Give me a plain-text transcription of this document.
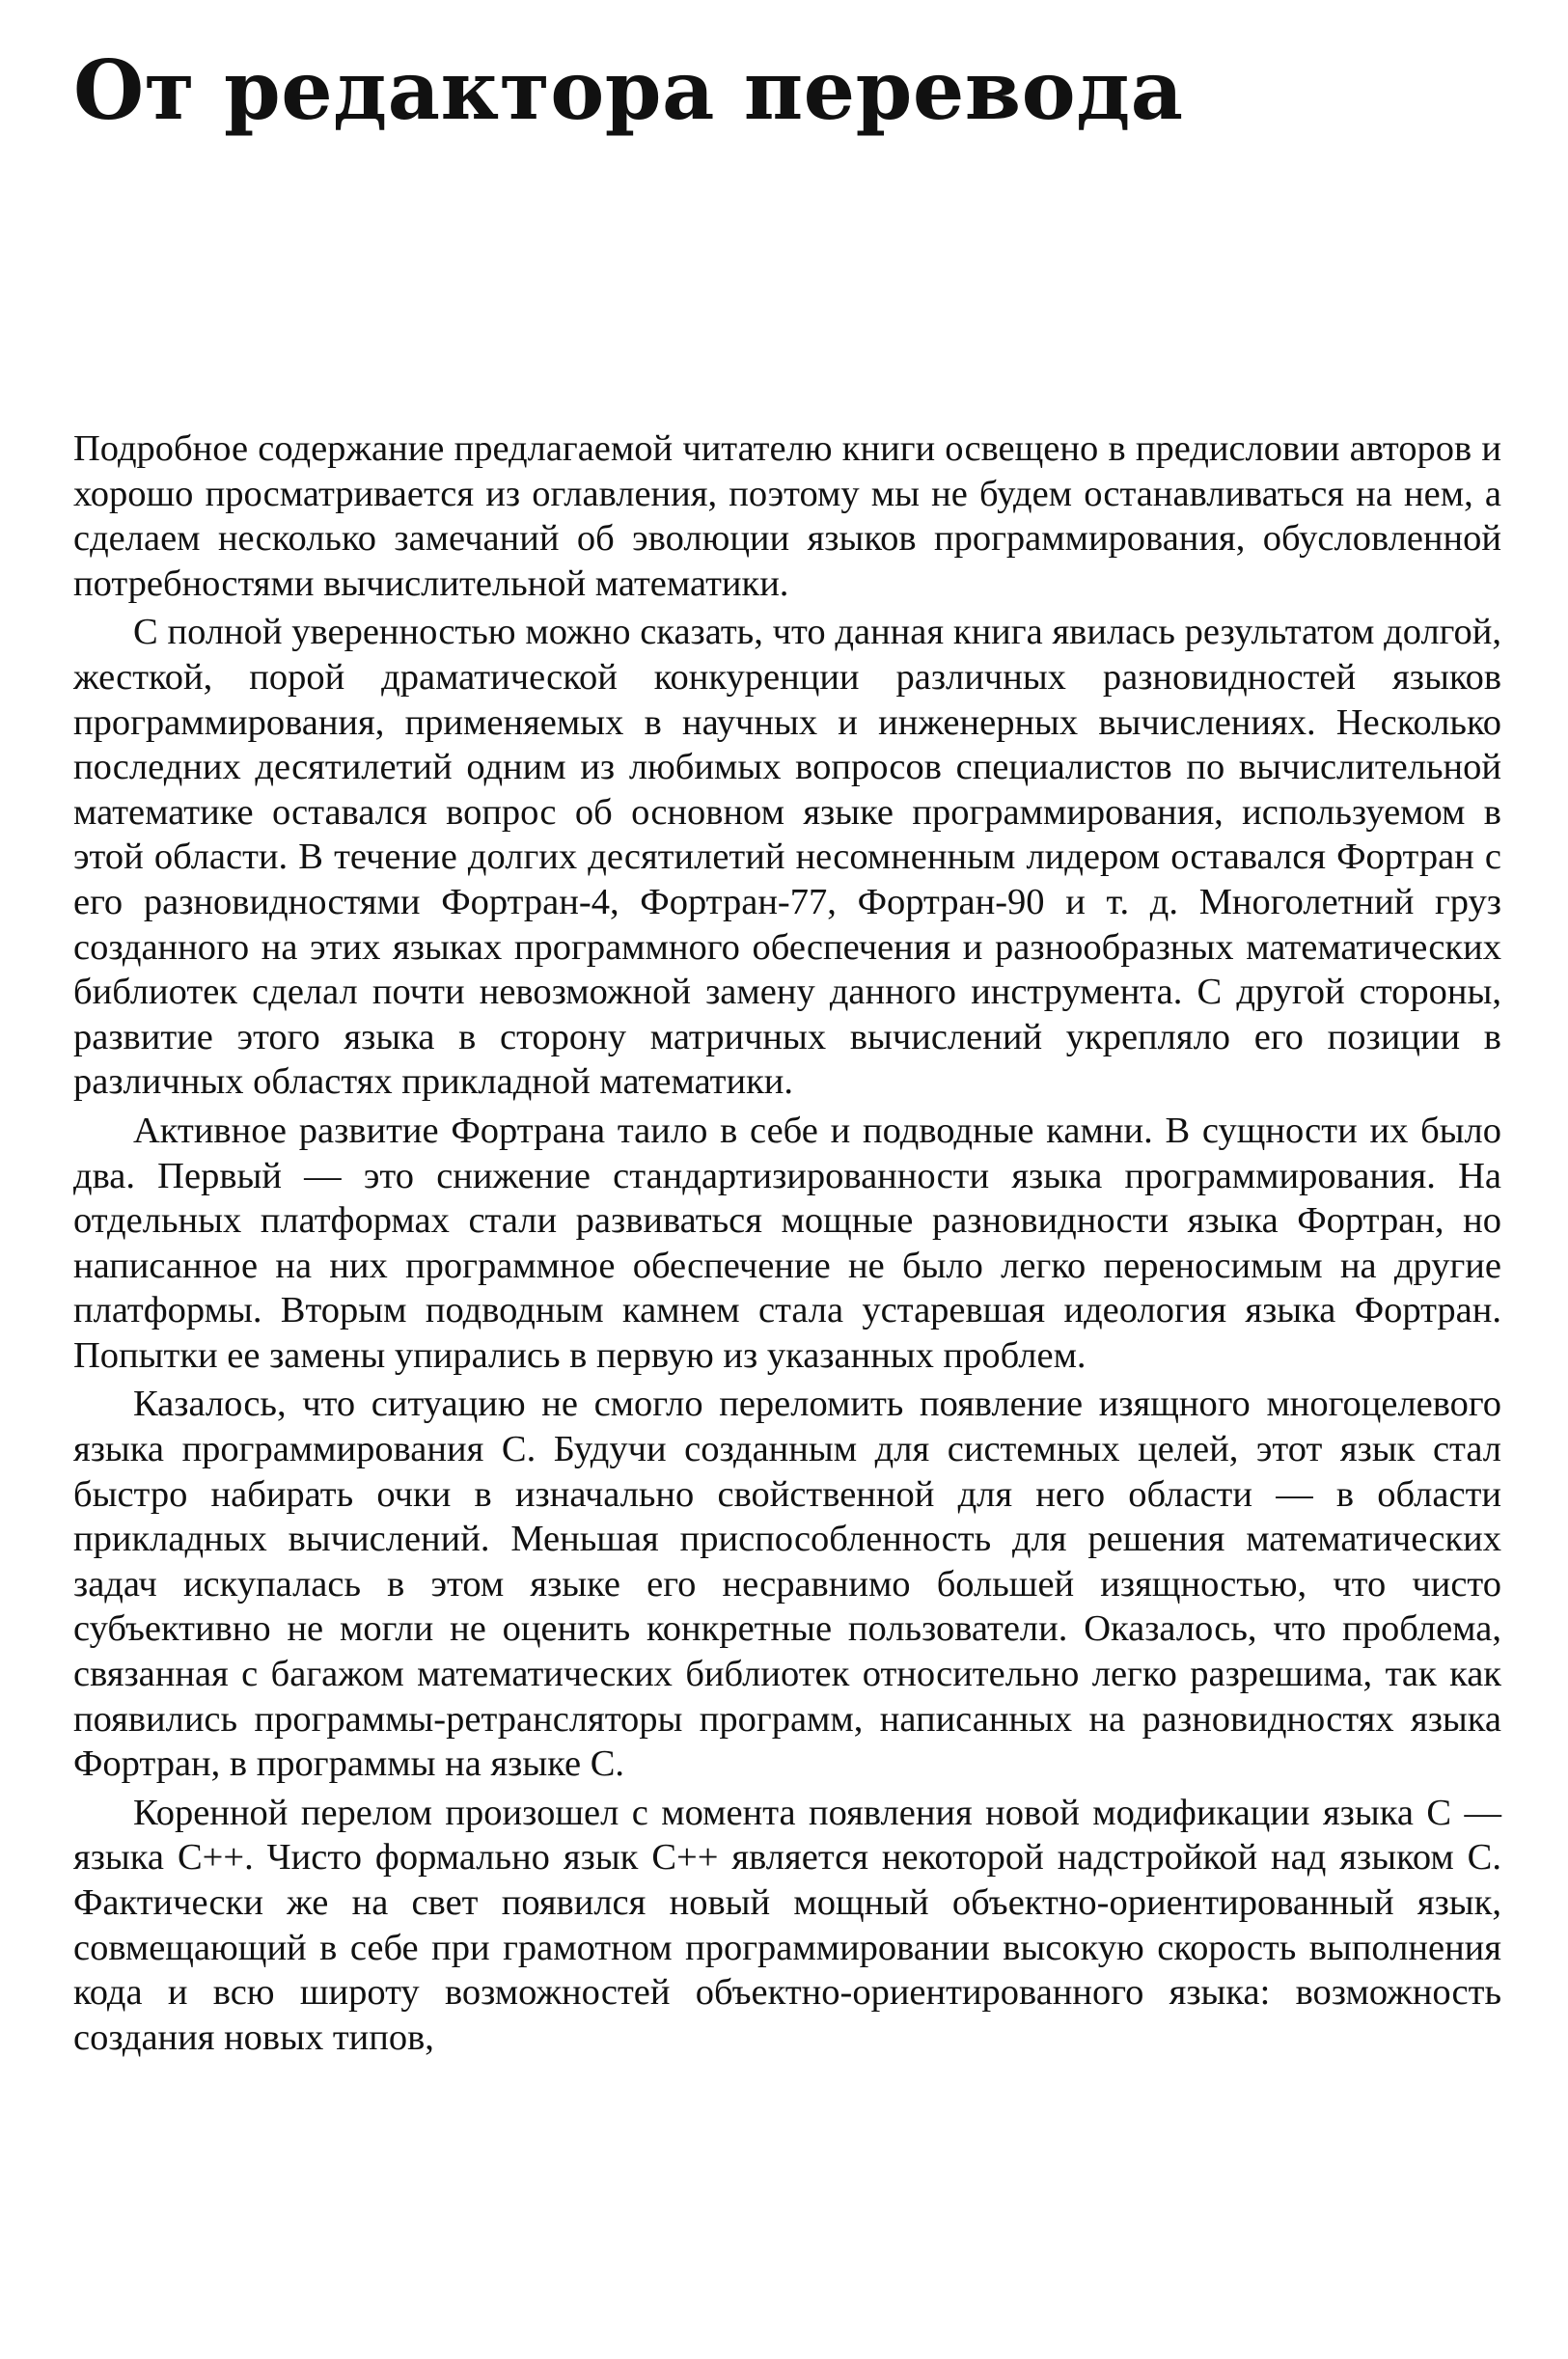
От редактора перевода

Подробное содержание предлагаемой читателю книги освещено в предисловии авторов и хорошо просматривается из оглавления, поэтому мы не будем останавливаться на нем, а сделаем несколько замечаний об эволюции языков программирования, обусловленной потребностями вычислительной математики.

С полной уверенностью можно сказать, что данная книга явилась результатом долгой, жесткой, порой драматической конкуренции различных разновидностей языков программирования, применяемых в научных и инженерных вычислениях. Несколько последних десятилетий одним из любимых вопросов специалистов по вычислительной математике оставался вопрос об основном языке программирования, используемом в этой области. В течение долгих десятилетий несомненным лидером оставался Фортран с его разновидностями Фортран-4, Фортран-77, Фортран-90 и т. д. Многолетний груз созданного на этих языках программного обеспечения и разнообразных математических библиотек сделал почти невозможной замену данного инструмента. С другой стороны, развитие этого языка в сторону матричных вычислений укрепляло его позиции в различных областях прикладной математики.

Активное развитие Фортрана таило в себе и подводные камни. В сущности их было два. Первый — это снижение стандартизированности языка программирования. На отдельных платформах стали развиваться мощные разновидности языка Фортран, но написанное на них программное обеспечение не было легко переносимым на другие платформы. Вторым подводным камнем стала устаревшая идеология языка Фортран. Попытки ее замены упирались в первую из указанных проблем.

Казалось, что ситуацию не смогло переломить появление изящного многоцелевого языка программирования C. Будучи созданным для системных целей, этот язык стал быстро набирать очки в изначально свойственной для него области — в области прикладных вычислений. Меньшая приспособленность для решения математических задач искупалась в этом языке его несравнимо большей изящностью, что чисто субъективно не могли не оценить конкретные пользователи. Оказалось, что проблема, связанная с багажом математических библиотек относительно легко разрешима, так как появились программы-ретрансляторы программ, написанных на разновидностях языка Фортран, в программы на языке C.

Коренной перелом произошел с момента появления новой модификации языка C — языка C++. Чисто формально язык C++ является некоторой надстройкой над языком C. Фактически же на свет появился новый мощный объектно-ориентированный язык, совмещающий в себе при грамотном программировании высокую скорость выполнения кода и всю широту возможностей объектно-ориентированного языка: возможность создания новых типов,
